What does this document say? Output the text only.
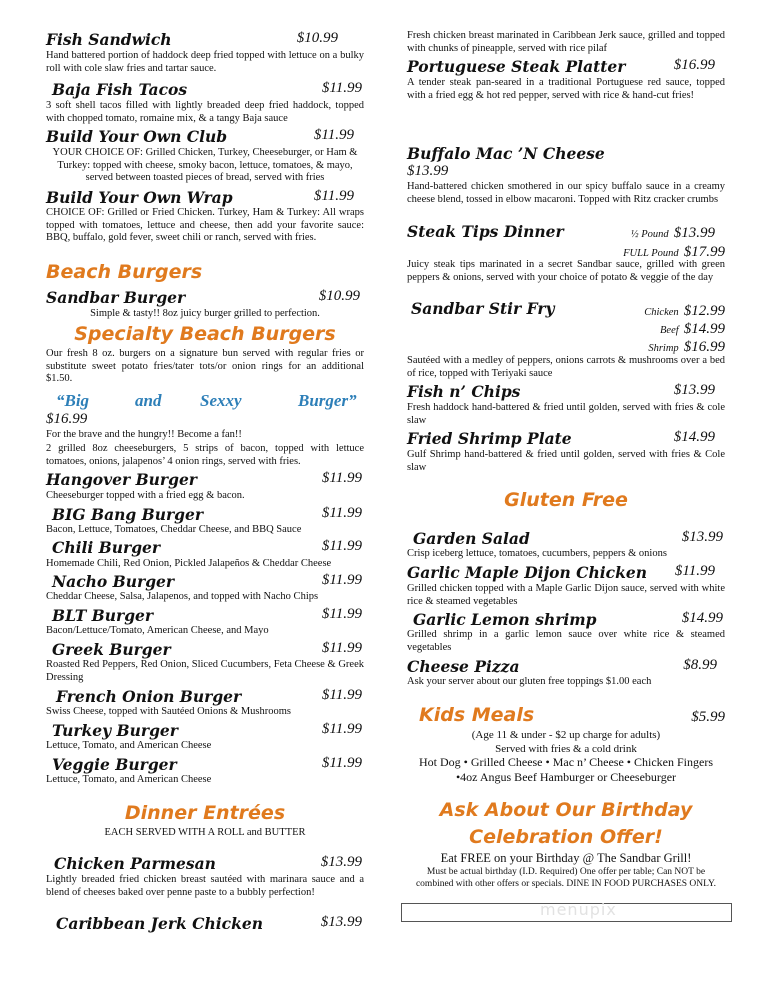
Fish Sandwich	$10.99
Hand battered portion of haddock deep fried topped with lettuce on a bulky roll with cole slaw fries and tartar sauce.
Baja Fish Tacos	$11.99
3 soft shell tacos filled with lightly breaded deep fried haddock, topped with chopped tomato, romaine mix, & a tangy Baja sauce
Build Your Own Club	$11.99
YOUR CHOICE OF: Grilled Chicken, Turkey, Cheeseburger, or Ham & Turkey: topped with cheese, smoky bacon, lettuce, tomatoes, & mayo, served between toasted pieces of bread, served with fries
Build Your Own Wrap	$11.99
CHOICE OF: Grilled or Fried Chicken. Turkey, Ham & Turkey: All wraps topped with tomatoes, lettuce and cheese, then add your favorite sauce: BBQ, buffalo, gold fever, sweet chili or ranch, served with fries.
Beach Burgers
Sandbar Burger	$10.99
Simple & tasty!! 8oz juicy burger grilled to perfection.
Specialty Beach Burgers
Our fresh 8 oz. burgers on a signature bun served with regular fries or substitute sweet potato fries/tater tots/or onion rings for an additional $1.50.
“Big	and Sexxy	Burger”
$16.99
For the brave and the hungry!! Become a fan!!
2 grilled 8oz cheeseburgers, 5 strips of bacon, topped with lettuce tomatoes, onions, jalapenos’ 4 onion rings, served with fries.
Hangover Burger	$11.99
Cheeseburger topped with a fried egg & bacon.
BIG Bang Burger	$11.99
Bacon, Lettuce, Tomatoes, Cheddar Cheese, and BBQ Sauce
Chili Burger	$11.99
Homemade Chili, Red Onion, Pickled Jalapeños & Cheddar Cheese
Nacho Burger	$11.99
Cheddar Cheese, Salsa, Jalapenos, and topped with Nacho Chips
BLT Burger	$11.99
Bacon/Lettuce/Tomato, American Cheese, and Mayo
Greek Burger	$11.99
Roasted Red Peppers, Red Onion, Sliced Cucumbers, Feta Cheese & Greek Dressing
French Onion Burger	$11.99
Swiss Cheese, topped with Sautéed Onions & Mushrooms
Turkey Burger	$11.99
Lettuce, Tomato, and American Cheese
Veggie Burger	$11.99
Lettuce, Tomato, and American Cheese
Dinner Entrées
EACH SERVED WITH A ROLL and BUTTER
Chicken Parmesan	$13.99
Lightly breaded fried chicken breast sautéed with marinara sauce and a blend of cheeses baked over penne paste to a bubbly perfection!
Caribbean Jerk Chicken	$13.99
Fresh chicken breast marinated in Caribbean Jerk sauce, grilled and topped with chunks of pineapple, served with rice pilaf
Portuguese Steak Platter	$16.99
A tender steak pan-seared in a traditional Portuguese red sauce, topped with a fried egg & hot red pepper, served with rice & hand-cut fries!
Buffalo Mac ’N Cheese
$13.99
Hand-battered chicken smothered in our spicy buffalo sauce in a creamy cheese blend, tossed in elbow macaroni. Topped with Ritz cracker crumbs
Steak Tips Dinner	½ Pound $13.99
FULL Pound $17.99
Juicy steak tips marinated in a secret Sandbar sauce, grilled with green peppers & onions, served with your choice of potato & veggie of the day
Sandbar Stir Fry	Chicken $12.99
Beef $14.99
Shrimp $16.99
Sautéed with a medley of peppers, onions carrots & mushrooms over a bed of rice, topped with Teriyaki sauce
Fish n’ Chips	$13.99
Fresh haddock hand-battered & fried until golden, served with fries & cole slaw
Fried Shrimp Plate	$14.99
Gulf Shrimp hand-battered & fried until golden, served with fries & Cole slaw
Gluten Free
Garden Salad	$13.99
Crisp iceberg lettuce, tomatoes, cucumbers, peppers & onions
Garlic Maple Dijon Chicken $11.99
Grilled chicken topped with a Maple Garlic Dijon sauce, served with white rice & steamed vegetables
Garlic Lemon shrimp	$14.99
Grilled shrimp in a garlic lemon sauce over white rice & steamed vegetables
Cheese Pizza	$8.99
Ask your server about our gluten free toppings $1.00 each
Kids Meals	$5.99
(Age 11 & under - $2 up charge for adults)
Served with fries & a cold drink
Hot Dog • Grilled Cheese • Mac n’ Cheese • Chicken Fingers
•4oz Angus Beef Hamburger or Cheeseburger
Ask About Our Birthday
Celebration Offer!
Eat FREE on your Birthday @ The Sandbar Grill!
Must be actual birthday (I.D. Required) One offer per table; Can NOT be combined with other offers or specials. DINE IN FOOD PURCHASES ONLY.
menupix
